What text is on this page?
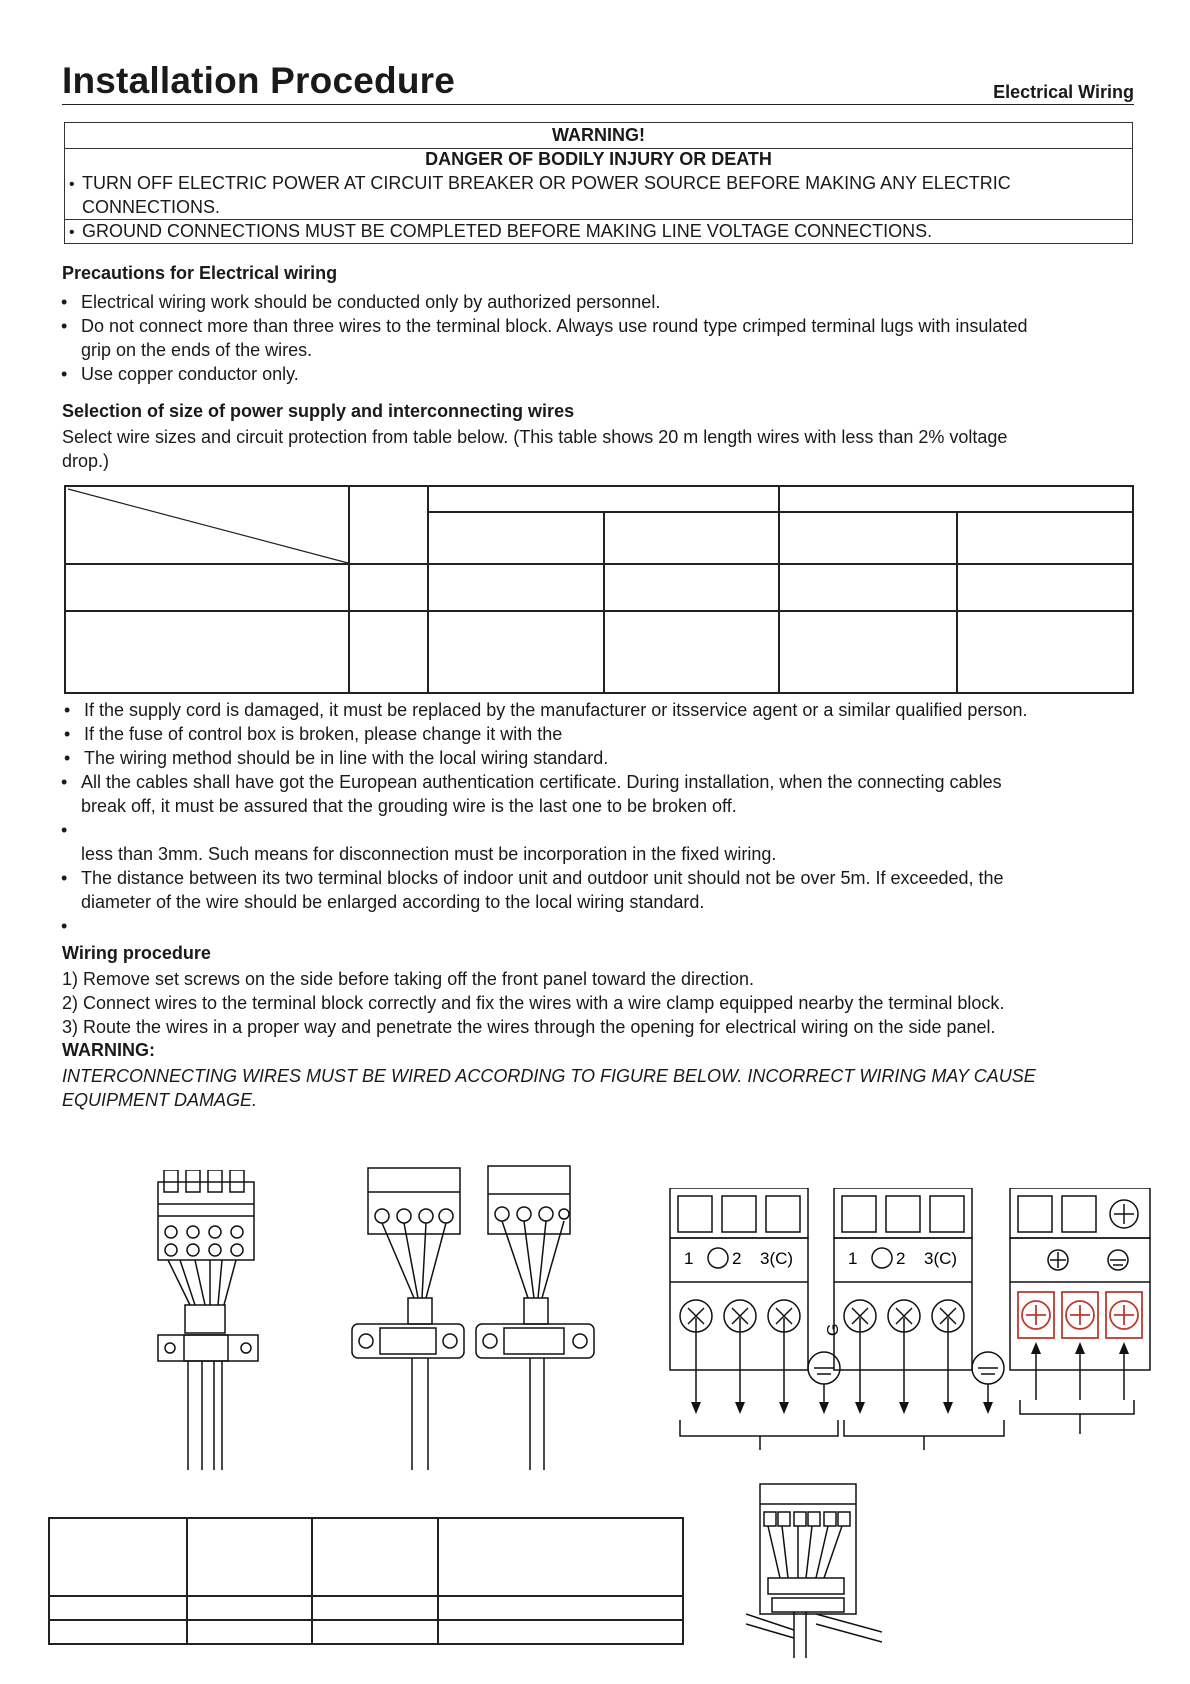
Installation Procedure	Electrical Wiring
WARNING!
DANGER OF BODILY INJURY OR DEATH
• TURN OFF ELECTRIC POWER AT CIRCUIT BREAKER OR POWER SOURCE BEFORE MAKING ANY ELECTRIC
CONNECTIONS.
• GROUND CONNECTIONS MUST BE COMPLETED BEFORE MAKING LINE VOLTAGE CONNECTIONS.
Precautions for Electrical wiring
• Electrical wiring work should be conducted only by authorized personnel.
• Do not connect more than three wires to the terminal block. Always use round type crimped terminal lugs with insulated
grip on the ends of the wires.
• Use copper conductor only.
Selection of size of power supply and interconnecting wires
Select wire sizes and circuit protection from table below. (This table shows 20 m length wires with less than 2% voltage
drop.)
• If the supply cord is damaged, it must be replaced by the manufacturer or itsservice agent or a similar qualified person.
• If the fuse of control box is broken, please change it with the
• The wiring method should be in line with the local wiring standard.
• All the cables shall have got the European authentication certificate. During installation, when the connecting cables
break off, it must be assured that the grouding wire is the last one to be broken off.
•
less than 3mm. Such means for disconnection must be incorporation in the fixed wiring.
• The distance between its two terminal blocks of indoor unit and outdoor unit should not be over 5m. If exceeded, the
diameter of the wire should be enlarged according to the local wiring standard.
•
Wiring procedure
1) Remove set screws on the side before taking off the front panel toward the direction.
2) Connect wires to the terminal block correctly and fix the wires with a wire clamp equipped nearby the terminal block.
3) Route the wires in a proper way and penetrate the wires through the opening for electrical wiring on the side panel.
WARNING:
INTERCONNECTING WIRES MUST BE WIRED ACCORDING TO FIGURE BELOW. INCORRECT WIRING MAY CAUSE
EQUIPMENT DAMAGE.
1 2 3(C)
G
1 2 3(C)
